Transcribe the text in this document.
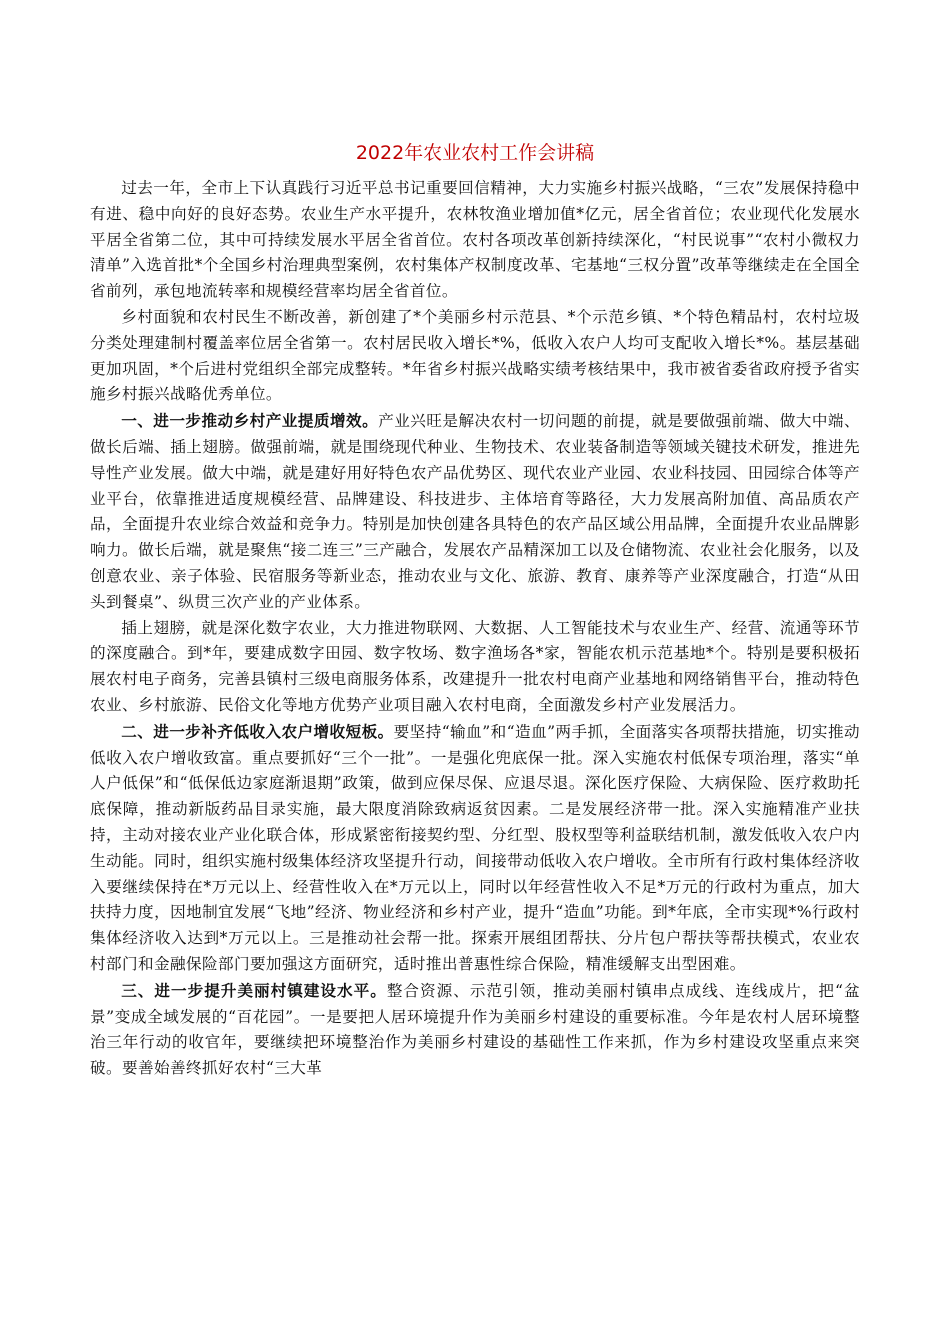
2022年农业农村工作会讲稿

过去一年，全市上下认真践行习近平总书记重要回信精神，大力实施乡村振兴战略，“三农”发展保持稳中有进、稳中向好的良好态势。农业生产水平提升，农林牧渔业增加值*亿元，居全省首位；农业现代化发展水平居全省第二位，其中可持续发展水平居全省首位。农村各项改革创新持续深化，“村民说事”“农村小微权力清单”入选首批*个全国乡村治理典型案例，农村集体产权制度改革、宅基地“三权分置”改革等继续走在全国全省前列，承包地流转率和规模经营率均居全省首位。

乡村面貌和农村民生不断改善，新创建了*个美丽乡村示范县、*个示范乡镇、*个特色精品村，农村垃圾分类处理建制村覆盖率位居全省第一。农村居民收入增长*%，低收入农户人均可支配收入增长*%。基层基础更加巩固，*个后进村党组织全部完成整转。*年省乡村振兴战略实绩考核结果中，我市被省委省政府授予省实施乡村振兴战略优秀单位。

一、进一步推动乡村产业提质增效。产业兴旺是解决农村一切问题的前提，就是要做强前端、做大中端、做长后端、插上翅膀。做强前端，就是围绕现代种业、生物技术、农业装备制造等领域关键技术研发，推进先导性产业发展。做大中端，就是建好用好特色农产品优势区、现代农业产业园、农业科技园、田园综合体等产业平台，依靠推进适度规模经营、品牌建设、科技进步、主体培育等路径，大力发展高附加值、高品质农产品，全面提升农业综合效益和竞争力。特别是加快创建各具特色的农产品区域公用品牌，全面提升农业品牌影响力。做长后端，就是聚焦“接二连三”三产融合，发展农产品精深加工以及仓储物流、农业社会化服务，以及创意农业、亲子体验、民宿服务等新业态，推动农业与文化、旅游、教育、康养等产业深度融合，打造“从田头到餐桌”、纵贯三次产业的产业体系。

插上翅膀，就是深化数字农业，大力推进物联网、大数据、人工智能技术与农业生产、经营、流通等环节的深度融合。到*年，要建成数字田园、数字牧场、数字渔场各*家，智能农机示范基地*个。特别是要积极拓展农村电子商务，完善县镇村三级电商服务体系，改建提升一批农村电商产业基地和网络销售平台，推动特色农业、乡村旅游、民俗文化等地方优势产业项目融入农村电商，全面激发乡村产业发展活力。

二、进一步补齐低收入农户增收短板。要坚持“输血”和“造血”两手抓，全面落实各项帮扶措施，切实推动低收入农户增收致富。重点要抓好“三个一批”。一是强化兜底保一批。深入实施农村低保专项治理，落实“单人户低保”和“低保低边家庭渐退期”政策，做到应保尽保、应退尽退。深化医疗保险、大病保险、医疗救助托底保障，推动新版药品目录实施，最大限度消除致病返贫因素。二是发展经济带一批。深入实施精准产业扶持，主动对接农业产业化联合体，形成紧密衔接契约型、分红型、股权型等利益联结机制，激发低收入农户内生动能。同时，组织实施村级集体经济攻坚提升行动，间接带动低收入农户增收。全市所有行政村集体经济收入要继续保持在*万元以上、经营性收入在*万元以上，同时以年经营性收入不足*万元的行政村为重点，加大扶持力度，因地制宜发展“飞地”经济、物业经济和乡村产业，提升“造血”功能。到*年底，全市实现*%行政村集体经济收入达到*万元以上。三是推动社会帮一批。探索开展组团帮扶、分片包户帮扶等帮扶模式，农业农村部门和金融保险部门要加强这方面研究，适时推出普惠性综合保险，精准缓解支出型困难。

三、进一步提升美丽村镇建设水平。整合资源、示范引领，推动美丽村镇串点成线、连线成片，把“盆景”变成全域发展的“百花园”。一是要把人居环境提升作为美丽乡村建设的重要标准。今年是农村人居环境整治三年行动的收官年，要继续把环境整治作为美丽乡村建设的基础性工作来抓，作为乡村建设攻坚重点来突破。要善始善终抓好农村“三大革
